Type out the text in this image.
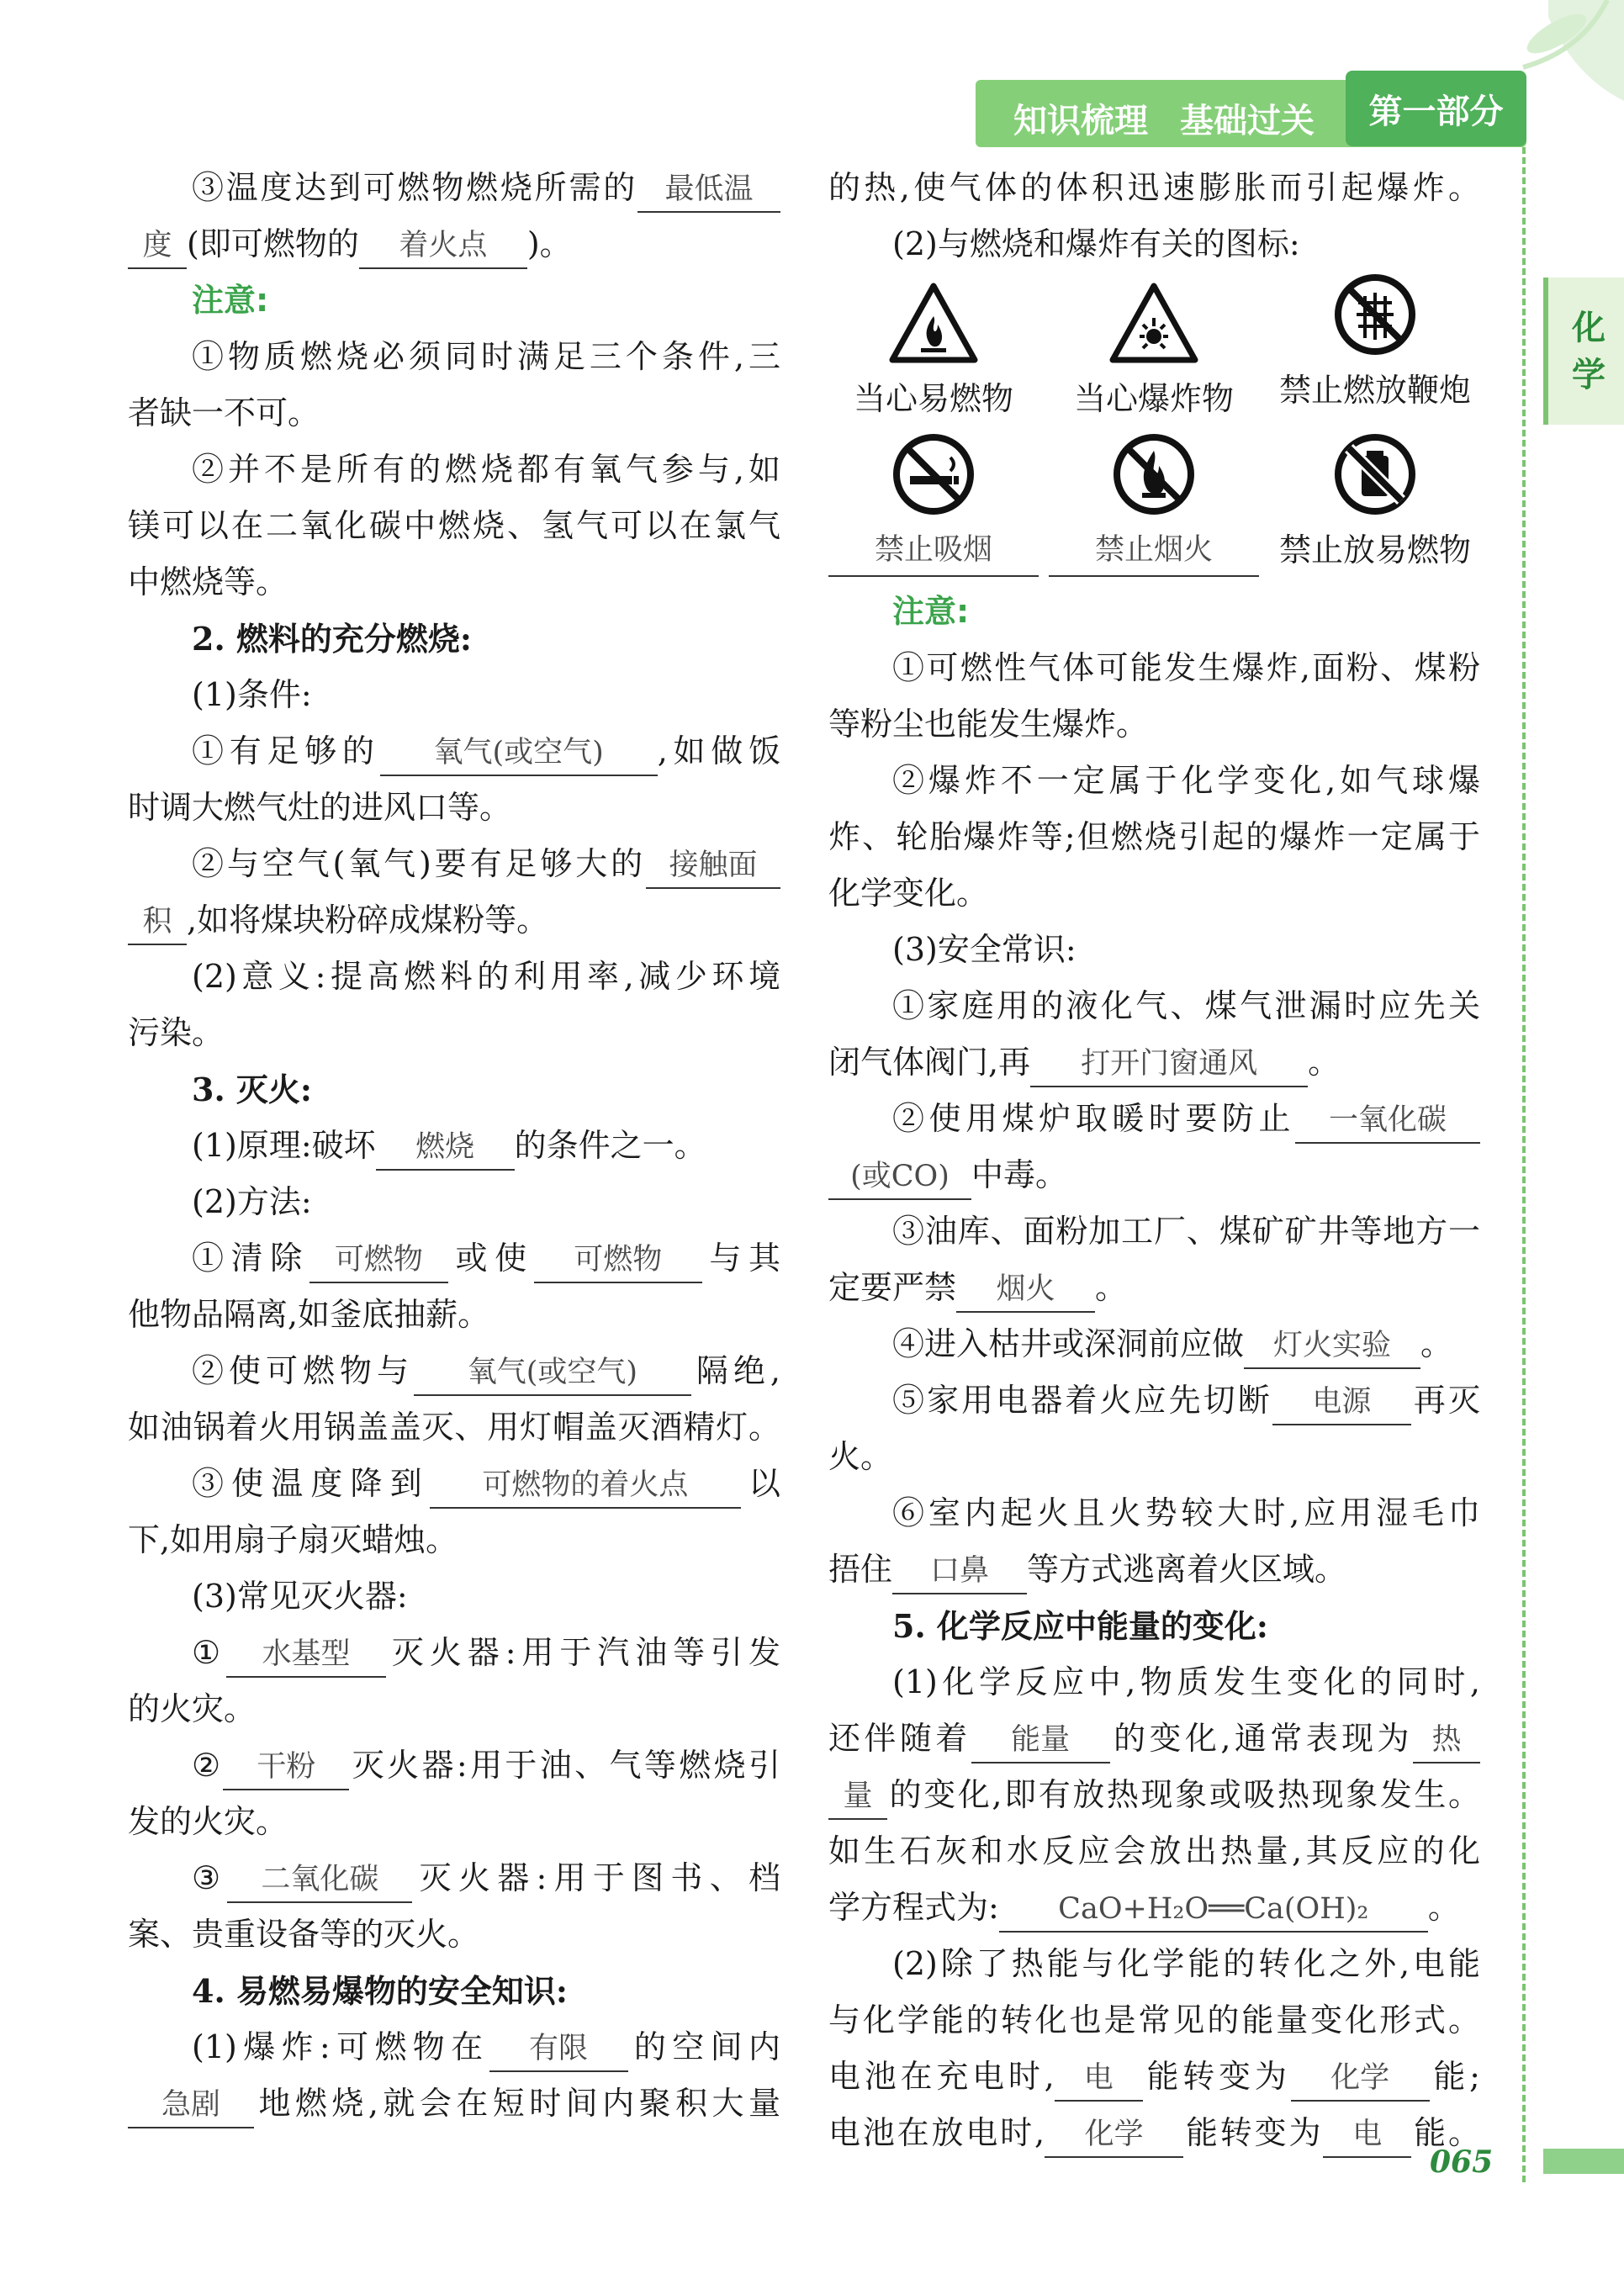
知识梳理 基础过关	第一部分
化
学
③温度达到可燃物燃烧所需的 最低温
度 (即可燃物的 着火点 )。
注意:
①物质燃烧必须同时满足三个条件,三
者缺一不可。
②并不是所有的燃烧都有氧气参与,如
镁可以在二氧化碳中燃烧、氢气可以在氯气
中燃烧等。
2. 燃料的充分燃烧:
(1)条件:
①有足够的 氧气(或空气) ,如做饭
时调大燃气灶的进风口等。
②与空气(氧气)要有足够大的 接触面
积 ,如将煤块粉碎成煤粉等。
(2)意义:提高燃料的利用率,减少环境
污染。
3. 灭火:
(1)原理:破坏 燃烧 的条件之一。
(2)方法:
①清除 可燃物 或使 可燃物 与其
他物品隔离,如釜底抽薪。
②使可燃物与 氧气(或空气) 隔绝,
如油锅着火用锅盖盖灭、用灯帽盖灭酒精灯。
③使温度降到 可燃物的着火点 以
下,如用扇子扇灭蜡烛。
(3)常见灭火器:
① 水基型 灭火器:用于汽油等引发
的火灾。
② 干粉 灭火器:用于油、气等燃烧引
发的火灾。
③ 二氧化碳 灭火器:用于图书、档
案、贵重设备等的灭火。
4. 易燃易爆物的安全知识:
(1)爆炸:可燃物在 有限 的空间内
急剧 地燃烧,就会在短时间内聚积大量
的热,使气体的体积迅速膨胀而引起爆炸。
(2)与燃烧和爆炸有关的图标:
当心易燃物	当心爆炸物	禁止燃放鞭炮
禁止吸烟	禁止烟火	禁止放易燃物
注意:
①可燃性气体可能发生爆炸,面粉、煤粉
等粉尘也能发生爆炸。
②爆炸不一定属于化学变化,如气球爆
炸、轮胎爆炸等;但燃烧引起的爆炸一定属于
化学变化。
(3)安全常识:
①家庭用的液化气、煤气泄漏时应先关
闭气体阀门,再 打开门窗通风 。
②使用煤炉取暖时要防止 一氧化碳
(或CO) 中毒。
③油库、面粉加工厂、煤矿矿井等地方一
定要严禁 烟火 。
④进入枯井或深洞前应做 灯火实验 。
⑤家用电器着火应先切断 电源 再灭
火。
⑥室内起火且火势较大时,应用湿毛巾
捂住 口鼻 等方式逃离着火区域。
5. 化学反应中能量的变化:
(1)化学反应中,物质发生变化的同时,
还伴随着 能量 的变化,通常表现为 热
量 的变化,即有放热现象或吸热现象发生。
如生石灰和水反应会放出热量,其反应的化
学方程式为: CaO+H₂O══Ca(OH)₂ 。
(2)除了热能与化学能的转化之外,电能
与化学能的转化也是常见的能量变化形式。
电池在充电时, 电 能转变为 化学 能;
电池在放电时, 化学 能转变为 电 能。
065
